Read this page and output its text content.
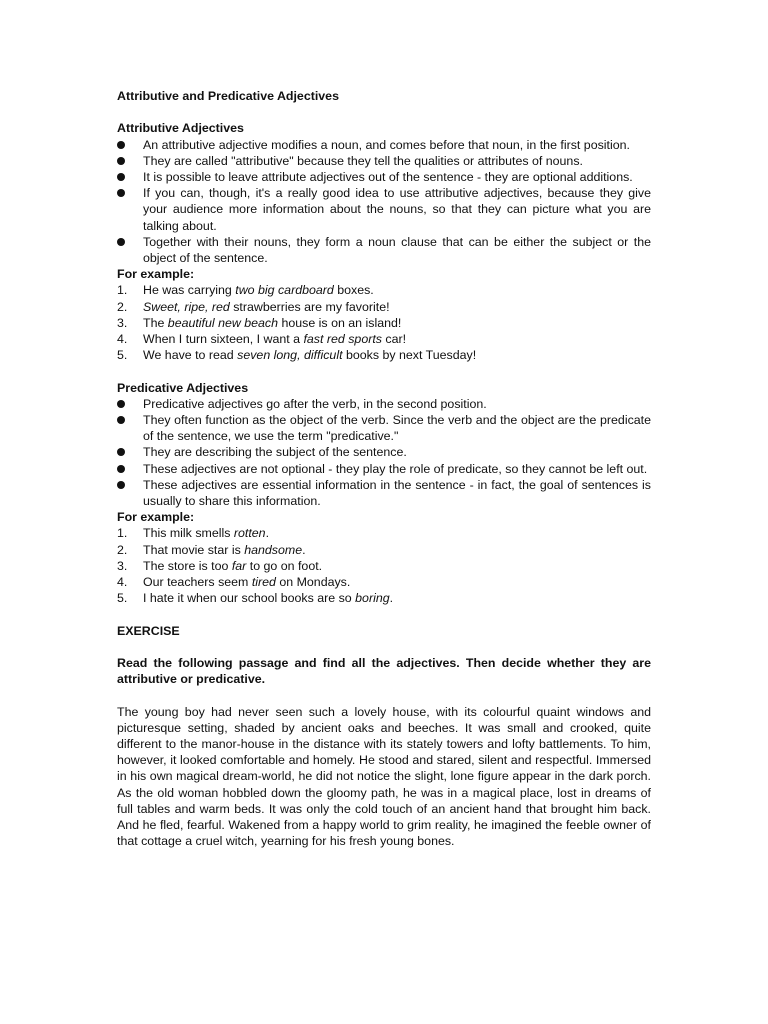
Attributive and Predicative Adjectives

Attributive Adjectives

An attributive adjective modifies a noun, and comes before that noun, in the first position.
They are called "attributive" because they tell the qualities or attributes of nouns.
It is possible to leave attribute adjectives out of the sentence - they are optional additions.
If you can, though, it's a really good idea to use attributive adjectives, because they give your audience more information about the nouns, so that they can picture what you are talking about.
Together with their nouns, they form a noun clause that can be either the subject or the object of the sentence.

For example:

1. He was carrying two big cardboard boxes.
2. Sweet, ripe, red strawberries are my favorite!
3. The beautiful new beach house is on an island!
4. When I turn sixteen, I want a fast red sports car!
5. We have to read seven long, difficult books by next Tuesday!

Predicative Adjectives

Predicative adjectives go after the verb, in the second position.
They often function as the object of the verb. Since the verb and the object are the predicate of the sentence, we use the term "predicative."
They are describing the subject of the sentence.
These adjectives are not optional - they play the role of predicate, so they cannot be left out.
These adjectives are essential information in the sentence - in fact, the goal of sentences is usually to share this information.

For example:

1. This milk smells rotten.
2. That movie star is handsome.
3. The store is too far to go on foot.
4. Our teachers seem tired on Mondays.
5. I hate it when our school books are so boring.

EXERCISE

Read the following passage and find all the adjectives. Then decide whether they are attributive or predicative.

The young boy had never seen such a lovely house, with its colourful quaint windows and picturesque setting, shaded by ancient oaks and beeches. It was small and crooked, quite different to the manor-house in the distance with its stately towers and lofty battlements. To him, however, it looked comfortable and homely. He stood and stared, silent and respectful. Immersed in his own magical dream-world, he did not notice the slight, lone figure appear in the dark porch. As the old woman hobbled down the gloomy path, he was in a magical place, lost in dreams of full tables and warm beds. It was only the cold touch of an ancient hand that brought him back. And he fled, fearful. Wakened from a happy world to grim reality, he imagined the feeble owner of that cottage a cruel witch, yearning for his fresh young bones.
